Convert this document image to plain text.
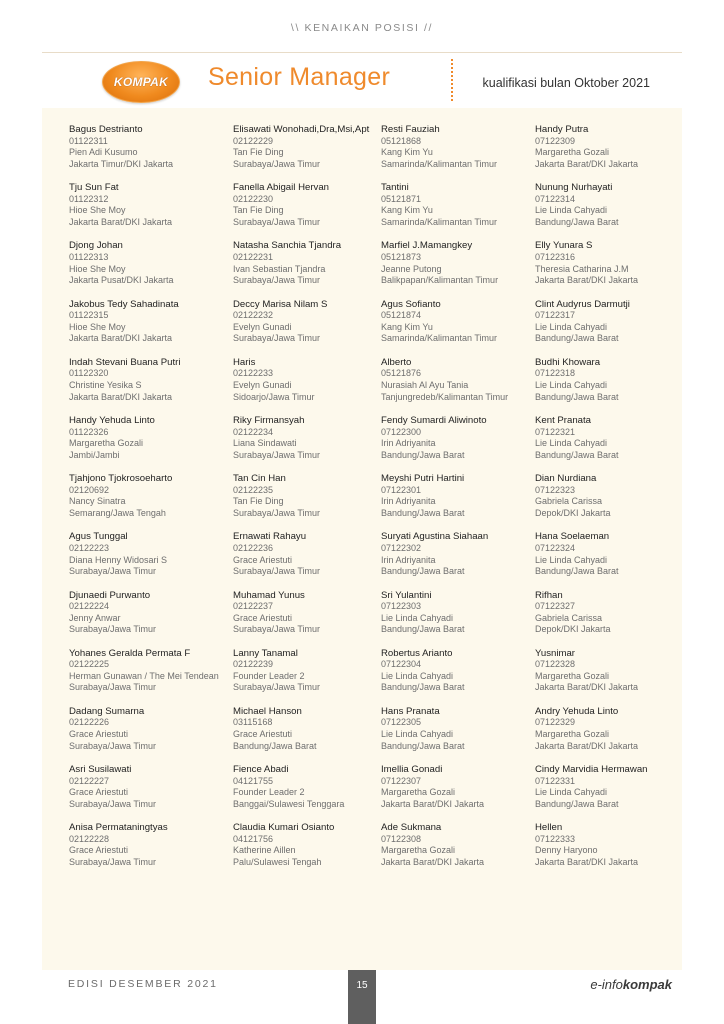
\\ KENAIKAN POSISI //
KOMPAK Senior Manager	kualifikasi bulan Oktober 2021
Bagus Destrianto
01122311
Pien Adi Kusumo
Jakarta Timur/DKI Jakarta
Tju Sun Fat
01122312
Hioe She Moy
Jakarta Barat/DKI Jakarta
Djong Johan
01122313
Hioe She Moy
Jakarta Pusat/DKI Jakarta
Jakobus Tedy Sahadinata
01122315
Hioe She Moy
Jakarta Barat/DKI Jakarta
Indah Stevani Buana Putri
01122320
Christine Yesika S
Jakarta Barat/DKI Jakarta
Handy Yehuda Linto
01122326
Margaretha Gozali
Jambi/Jambi
Tjahjono Tjokrosoeharto
02120692
Nancy Sinatra
Semarang/Jawa Tengah
Agus Tunggal
02122223
Diana Henny Widosari S
Surabaya/Jawa Timur
Djunaedi Purwanto
02122224
Jenny Anwar
Surabaya/Jawa Timur
Yohanes Geralda Permata F
02122225
Herman Gunawan / The Mei Tendean
Surabaya/Jawa Timur
Dadang Sumarna
02122226
Grace Ariestuti
Surabaya/Jawa Timur
Asri Susilawati
02122227
Grace Ariestuti
Surabaya/Jawa Timur
Anisa Permataningtyas
02122228
Grace Ariestuti
Surabaya/Jawa Timur
Elisawati Wonohadi,Dra,Msi,Apt
02122229
Tan Fie Ding
Surabaya/Jawa Timur
Fanella Abigail Hervan
02122230
Tan Fie Ding
Surabaya/Jawa Timur
Natasha Sanchia Tjandra
02122231
Ivan Sebastian Tjandra
Surabaya/Jawa Timur
Deccy Marisa Nilam S
02122232
Evelyn Gunadi
Surabaya/Jawa Timur
Haris
02122233
Evelyn Gunadi
Sidoarjo/Jawa Timur
Riky Firmansyah
02122234
Liana Sindawati
Surabaya/Jawa Timur
Tan Cin Han
02122235
Tan Fie Ding
Surabaya/Jawa Timur
Ernawati Rahayu
02122236
Grace Ariestuti
Surabaya/Jawa Timur
Muhamad Yunus
02122237
Grace Ariestuti
Surabaya/Jawa Timur
Lanny Tanamal
02122239
Founder Leader 2
Surabaya/Jawa Timur
Michael Hanson
03115168
Grace Ariestuti
Bandung/Jawa Barat
Fience Abadi
04121755
Founder Leader 2
Banggai/Sulawesi Tenggara
Claudia Kumari Osianto
04121756
Katherine Aillen
Palu/Sulawesi Tengah
Resti Fauziah
05121868
Kang Kim Yu
Samarinda/Kalimantan Timur
Tantini
05121871
Kang Kim Yu
Samarinda/Kalimantan Timur
Marfiel J.Mamangkey
05121873
Jeanne Putong
Balikpapan/Kalimantan Timur
Agus Sofianto
05121874
Kang Kim Yu
Samarinda/Kalimantan Timur
Alberto
05121876
Nurasiah Al Ayu Tania
Tanjungredeb/Kalimantan Timur
Fendy Sumardi Aliwinoto
07122300
Irin Adriyanita
Bandung/Jawa Barat
Meyshi Putri Hartini
07122301
Irin Adriyanita
Bandung/Jawa Barat
Suryati Agustina Siahaan
07122302
Irin Adriyanita
Bandung/Jawa Barat
Sri Yulantini
07122303
Lie Linda Cahyadi
Bandung/Jawa Barat
Robertus Arianto
07122304
Lie Linda Cahyadi
Bandung/Jawa Barat
Hans Pranata
07122305
Lie Linda Cahyadi
Bandung/Jawa Barat
Imellia Gonadi
07122307
Margaretha Gozali
Jakarta Barat/DKI Jakarta
Ade Sukmana
07122308
Margaretha Gozali
Jakarta Barat/DKI Jakarta
Handy Putra
07122309
Margaretha Gozali
Jakarta Barat/DKI Jakarta
Nunung Nurhayati
07122314
Lie Linda Cahyadi
Bandung/Jawa Barat
Elly Yunara S
07122316
Theresia Catharina J.M
Jakarta Barat/DKI Jakarta
Clint Audyrus Darmutji
07122317
Lie Linda Cahyadi
Bandung/Jawa Barat
Budhi Khowara
07122318
Lie Linda Cahyadi
Bandung/Jawa Barat
Kent Pranata
07122321
Lie Linda Cahyadi
Bandung/Jawa Barat
Dian Nurdiana
07122323
Gabriela Carissa
Depok/DKI Jakarta
Hana Soelaeman
07122324
Lie Linda Cahyadi
Bandung/Jawa Barat
Rifhan
07122327
Gabriela Carissa
Depok/DKI Jakarta
Yusnimar
07122328
Margaretha Gozali
Jakarta Barat/DKI Jakarta
Andry Yehuda Linto
07122329
Margaretha Gozali
Jakarta Barat/DKI Jakarta
Cindy Marvidia Hermawan
07122331
Lie Linda Cahyadi
Bandung/Jawa Barat
Hellen
07122333
Denny Haryono
Jakarta Barat/DKI Jakarta
EDISI DESEMBER 2021	15	e-infokompak
